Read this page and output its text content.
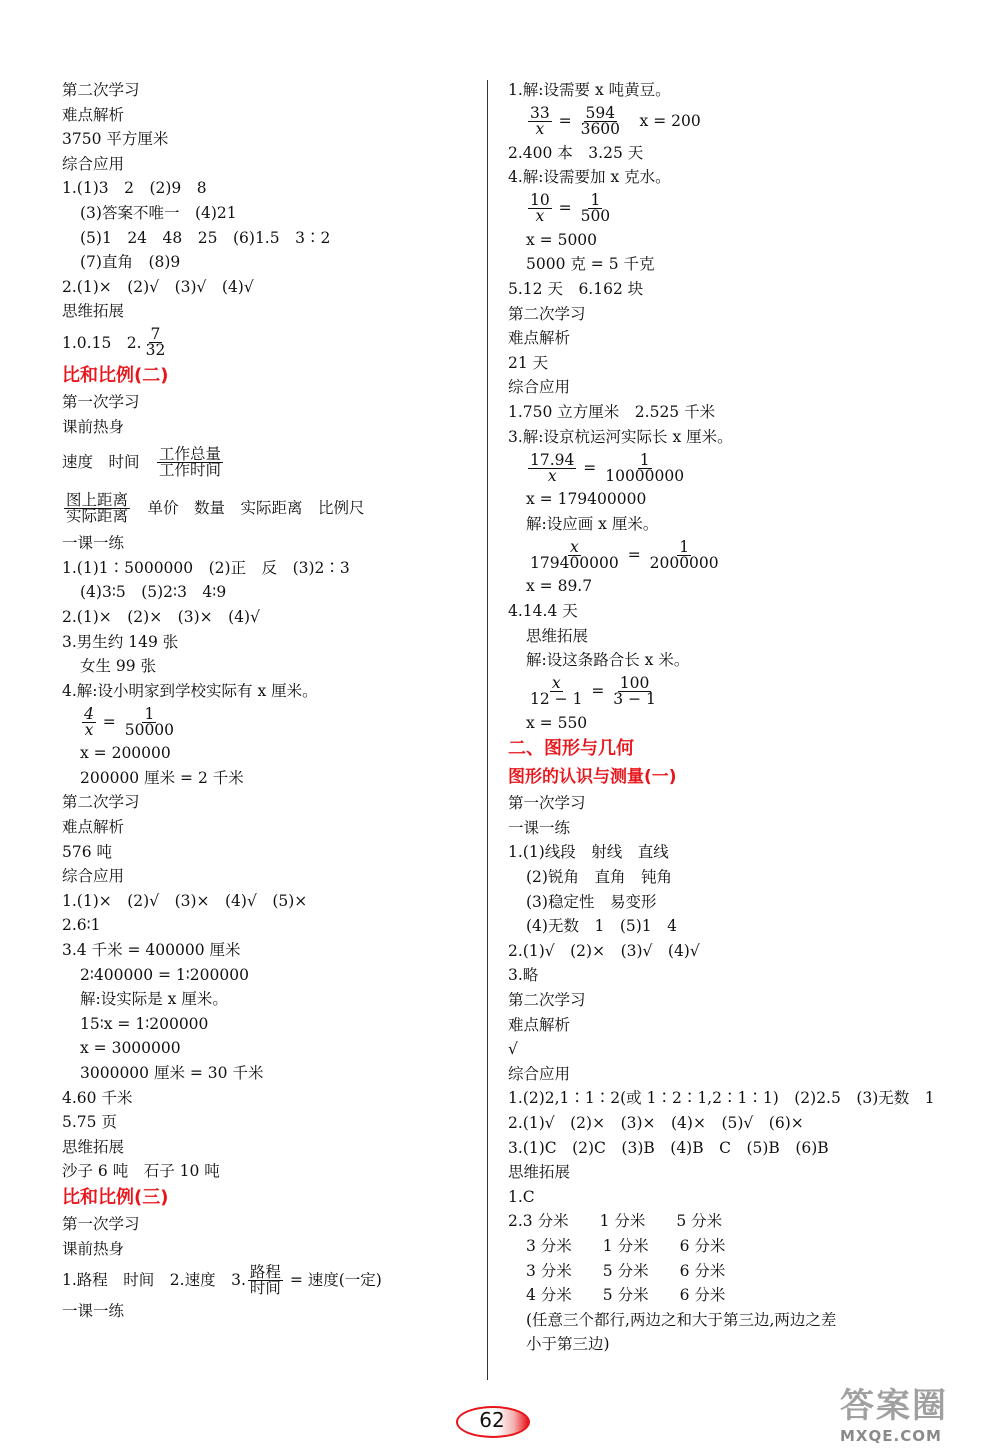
第二次学习
难点解析
3750 平方厘米
综合应用
1.(1)3　2　(2)9　8
(3)答案不唯一　(4)21
(5)1　24　48　25　(6)1.5　3∶2
(7)直角　(8)9
2.(1)×　(2)√　(3)√　(4)√
思维拓展
1.0.15　2. $\frac{7}{32}$
比和比例(二)
第一次学习
课前热身
速度　时间　 $\frac{\text{工作总量}}{\text{工作时间}}$
$\frac{\text{图上距离}}{\text{实际距离}}$ 　单价　数量　实际距离　比例尺
一课一练
1.(1)1∶5000000　(2)正　反　(3)2∶3
(4)3∶5　(5)2∶3　4∶9
2.(1)×　(2)×　(3)×　(4)√
3.男生约 149 张
女生 99 张
4.解:设小明家到学校实际有 x 厘米。
$\frac{4}{x} = \frac{1}{50000}$
x = 200000
200000 厘米 = 2 千米
第二次学习
难点解析
576 吨
综合应用
1.(1)×　(2)√　(3)×　(4)√　(5)×
2.6∶1
3.4 千米 = 400000 厘米
2∶400000 = 1∶200000
解:设实际是 x 厘米。
15∶x = 1∶200000
x = 3000000
3000000 厘米 = 30 千米
4.60 千米
5.75 页
思维拓展
沙子 6 吨　石子 10 吨
比和比例(三)
第一次学习
课前热身
1.路程　时间　2.速度　3. $\frac{\text{路程}}{\text{时间}}$ = 速度(一定)
一课一练
1.解:设需要 x 吨黄豆。
$\frac{33}{x} = \frac{594}{3600}$ 　x = 200
2.400 本　3.25 天
4.解:设需要加 x 克水。
$\frac{10}{x} = \frac{1}{500}$
x = 5000
5000 克 = 5 千克
5.12 天　6.162 块
第二次学习
难点解析
21 天
综合应用
1.750 立方厘米　2.525 千米
3.解:设京杭运河实际长 x 厘米。
$\frac{17.94}{x} = \frac{1}{10000000}$
x = 179400000
解:设应画 x 厘米。
$\frac{x}{179400000} = \frac{1}{2000000}$
x = 89.7
4.14.4 天
思维拓展
解:设这条路合长 x 米。
$\frac{x}{12 - 1} = \frac{100}{3 - 1}$
x = 550
二、图形与几何
图形的认识与测量(一)
第一次学习
一课一练
1.(1)线段　射线　直线
(2)锐角　直角　钝角
(3)稳定性　易变形
(4)无数　1　(5)1　4
2.(1)√　(2)×　(3)√　(4)√
3.略
第二次学习
难点解析
√
综合应用
1.(2)2,1∶1∶2(或 1∶2∶1,2∶1∶1)　(2)2.5　(3)无数　1
2.(1)√　(2)×　(3)×　(4)×　(5)√　(6)×
3.(1)C　(2)C　(3)B　(4)B　C　(5)B　(6)B
思维拓展
1.C
2.3 分米　　1 分米　　5 分米
3 分米　　1 分米　　6 分米
3 分米　　5 分米　　6 分米
4 分米　　5 分米　　6 分米
(任意三个都行,两边之和大于第三边,两边之差
小于第三边)
62	答案圈
MXQE.COM
